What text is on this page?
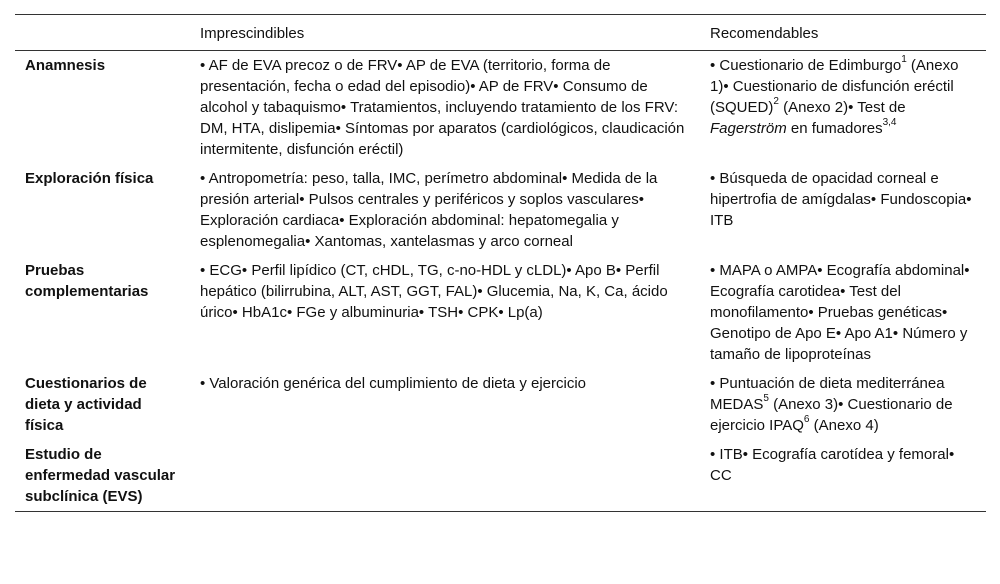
	Imprescindibles	Recomendables
Anamnesis	• AF de EVA precoz o de FRV• AP de EVA (territorio, forma de presentación, fecha o edad del episodio)• AP de FRV• Consumo de alcohol y tabaquismo• Tratamientos, incluyendo tratamiento de los FRV: DM, HTA, dislipemia• Síntomas por aparatos (cardiológicos, claudicación intermitente, disfunción eréctil)	• Cuestionario de Edimburgo$^1$ (Anexo 1)• Cuestionario de disfunción eréctil (SQUED)$^2$ (Anexo 2)• Test de Fagerström en fumadores$^{3,4}$
Exploración física	• Antropometría: peso, talla, IMC, perímetro abdominal• Medida de la presión arterial• Pulsos centrales y periféricos y soplos vasculares• Exploración cardiaca• Exploración abdominal: hepatomegalia y esplenomegalia• Xantomas, xantelasmas y arco corneal	• Búsqueda de opacidad corneal e hipertrofia de amígdalas• Fundoscopia• ITB
Pruebas complementarias	• ECG• Perfil lipídico (CT, cHDL, TG, c-no-HDL y cLDL)• Apo B• Perfil hepático (bilirrubina, ALT, AST, GGT, FAL)• Glucemia, Na, K, Ca, ácido úrico• HbA1c• FGe y albuminuria• TSH• CPK• Lp(a)	• MAPA o AMPA• Ecografía abdominal• Ecografía carotidea• Test del monofilamento• Pruebas genéticas• Genotipo de Apo E• Apo A1• Número y tamaño de lipoproteínas
Cuestionarios de dieta y actividad física	• Valoración genérica del cumplimiento de dieta y ejercicio	• Puntuación de dieta mediterránea MEDAS$^5$ (Anexo 3)• Cuestionario de ejercicio IPAQ$^6$ (Anexo 4)
Estudio de enfermedad vascular subclínica (EVS)		• ITB• Ecografía carotídea y femoral• CC
